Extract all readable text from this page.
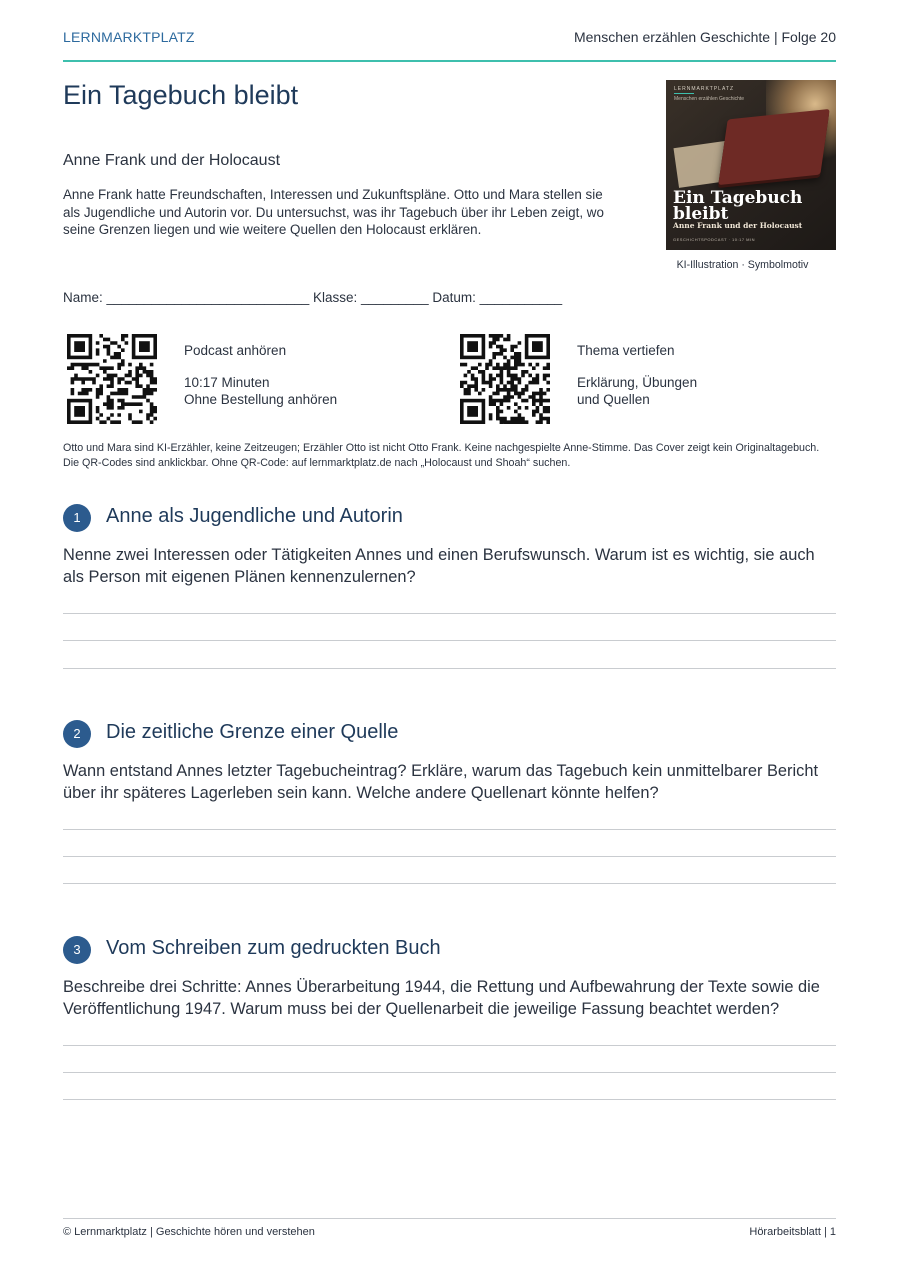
LERNMARKTPLATZ	Menschen erzählen Geschichte | Folge 20
Ein Tagebuch bleibt
Anne Frank und der Holocaust
Anne Frank hatte Freundschaften, Interessen und Zukunftspläne. Otto und Mara stellen sie als Jugendliche und Autorin vor. Du untersuchst, was ihr Tagebuch über ihr Leben zeigt, wo seine Grenzen liegen und wie weitere Quellen den Holocaust erklären.
LERNMARKTPLATZ
Menschen erzählen Geschichte
Ein Tagebuch
bleibt
Anne Frank und der Holocaust
GESCHICHTSPODCAST · 10:17 MIN
KI-Illustration · Symbolmotiv
Name: ___________________________ Klasse: _________ Datum: ___________
Podcast anhören
10:17 Minuten
Ohne Bestellung anhören
Thema vertiefen
Erklärung, Übungen
und Quellen
Otto und Mara sind KI-Erzähler, keine Zeitzeugen; Erzähler Otto ist nicht Otto Frank. Keine nachgespielte Anne-Stimme. Das Cover zeigt kein Originaltagebuch.
Die QR-Codes sind anklickbar. Ohne QR-Code: auf lernmarktplatz.de nach „Holocaust und Shoah“ suchen.
1	Anne als Jugendliche und Autorin
Nenne zwei Interessen oder Tätigkeiten Annes und einen Berufswunsch. Warum ist es wichtig, sie auch als Person mit eigenen Plänen kennenzulernen?
2	Die zeitliche Grenze einer Quelle
Wann entstand Annes letzter Tagebucheintrag? Erkläre, warum das Tagebuch kein unmittelbarer Bericht über ihr späteres Lagerleben sein kann. Welche andere Quellenart könnte helfen?
3	Vom Schreiben zum gedruckten Buch
Beschreibe drei Schritte: Annes Überarbeitung 1944, die Rettung und Aufbewahrung der Texte sowie die Veröffentlichung 1947. Warum muss bei der Quellenarbeit die jeweilige Fassung beachtet werden?
© Lernmarktplatz | Geschichte hören und verstehen	Hörarbeitsblatt | 1
